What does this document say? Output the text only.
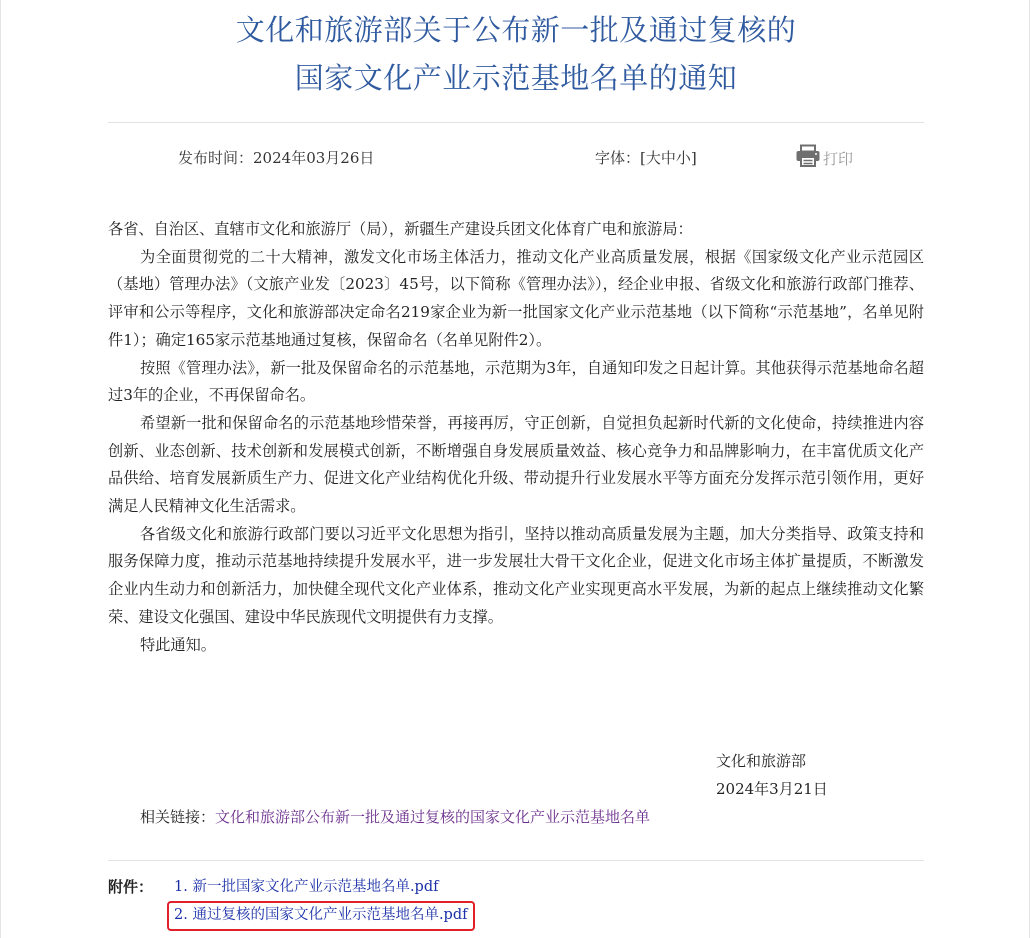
文化和旅游部关于公布新一批及通过复核的
国家文化产业示范基地名单的通知
发布时间：2024年03月26日	字体：[大中小]	打印

各省、自治区、直辖市文化和旅游厅（局），新疆生产建设兵团文化体育广电和旅游局：

为全面贯彻党的二十大精神，激发文化市场主体活力，推动文化产业高质量发展，根据《国家级文化产业示范园区（基地）管理办法》（文旅产业发〔2023〕45号，以下简称《管理办法》），经企业申报、省级文化和旅游行政部门推荐、评审和公示等程序，文化和旅游部决定命名219家企业为新一批国家文化产业示范基地（以下简称“示范基地”，名单见附件1）；确定165家示范基地通过复核，保留命名（名单见附件2）。

按照《管理办法》，新一批及保留命名的示范基地，示范期为3年，自通知印发之日起计算。其他获得示范基地命名超过3年的企业，不再保留命名。

希望新一批和保留命名的示范基地珍惜荣誉，再接再厉，守正创新，自觉担负起新时代新的文化使命，持续推进内容创新、业态创新、技术创新和发展模式创新，不断增强自身发展质量效益、核心竞争力和品牌影响力，在丰富优质文化产品供给、培育发展新质生产力、促进文化产业结构优化升级、带动提升行业发展水平等方面充分发挥示范引领作用，更好满足人民精神文化生活需求。

各省级文化和旅游行政部门要以习近平文化思想为指引，坚持以推动高质量发展为主题，加大分类指导、政策支持和服务保障力度，推动示范基地持续提升发展水平，进一步发展壮大骨干文化企业，促进文化市场主体扩量提质，不断激发企业内生动力和创新活力，加快健全现代文化产业体系，推动文化产业实现更高水平发展，为新的起点上继续推动文化繁荣、建设文化强国、建设中华民族现代文明提供有力支撑。

特此通知。

文化和旅游部
2024年3月21日
相关链接：文化和旅游部公布新一批及通过复核的国家文化产业示范基地名单
附件： 1. 新一批国家文化产业示范基地名单.pdf
2. 通过复核的国家文化产业示范基地名单.pdf
